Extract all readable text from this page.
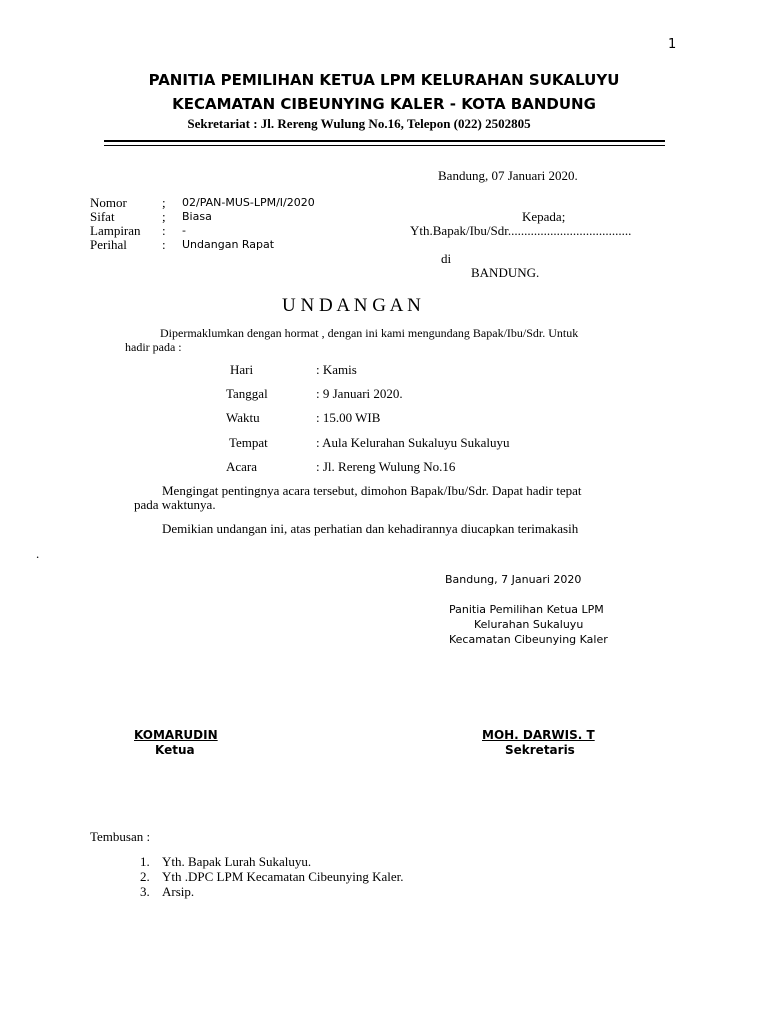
1
PANITIA PEMILIHAN KETUA LPM KELURAHAN SUKALUYU
KECAMATAN CIBEUNYING KALER - KOTA BANDUNG
Sekretariat : Jl. Rereng Wulung No.16, Telepon (022) 2502805
Bandung, 07 Januari 2020.
Nomor	; 02/PAN-MUS-LPM/I/2020
Sifat	; Biasa
Lampiran : -
Perihal	: Undangan Rapat
Kepada;
Yth.Bapak/Ibu/Sdr......................................
di
BANDUNG.
U N D A N G A N
Dipermaklumkan dengan hormat , dengan ini kami mengundang Bapak/Ibu/Sdr. Untuk
hadir pada :
Hari	: Kamis
Tanggal	: 9 Januari 2020.
Waktu	: 15.00 WIB
Tempat	: Aula Kelurahan Sukaluyu Sukaluyu
Acara	: Jl. Rereng Wulung No.16
Mengingat pentingnya acara tersebut, dimohon Bapak/Ibu/Sdr. Dapat hadir tepat
pada waktunya.
Demikian undangan ini, atas perhatian dan kehadirannya diucapkan terimakasih
.
Bandung, 7 Januari 2020
Panitia Pemilihan Ketua LPM
Kelurahan Sukaluyu
Kecamatan Cibeunying Kaler
KOMARUDIN
Ketua
MOH. DARWIS. T
Sekretaris
Tembusan :
1. Yth. Bapak Lurah Sukaluyu.
2. Yth .DPC LPM Kecamatan Cibeunying Kaler.
3. Arsip.
